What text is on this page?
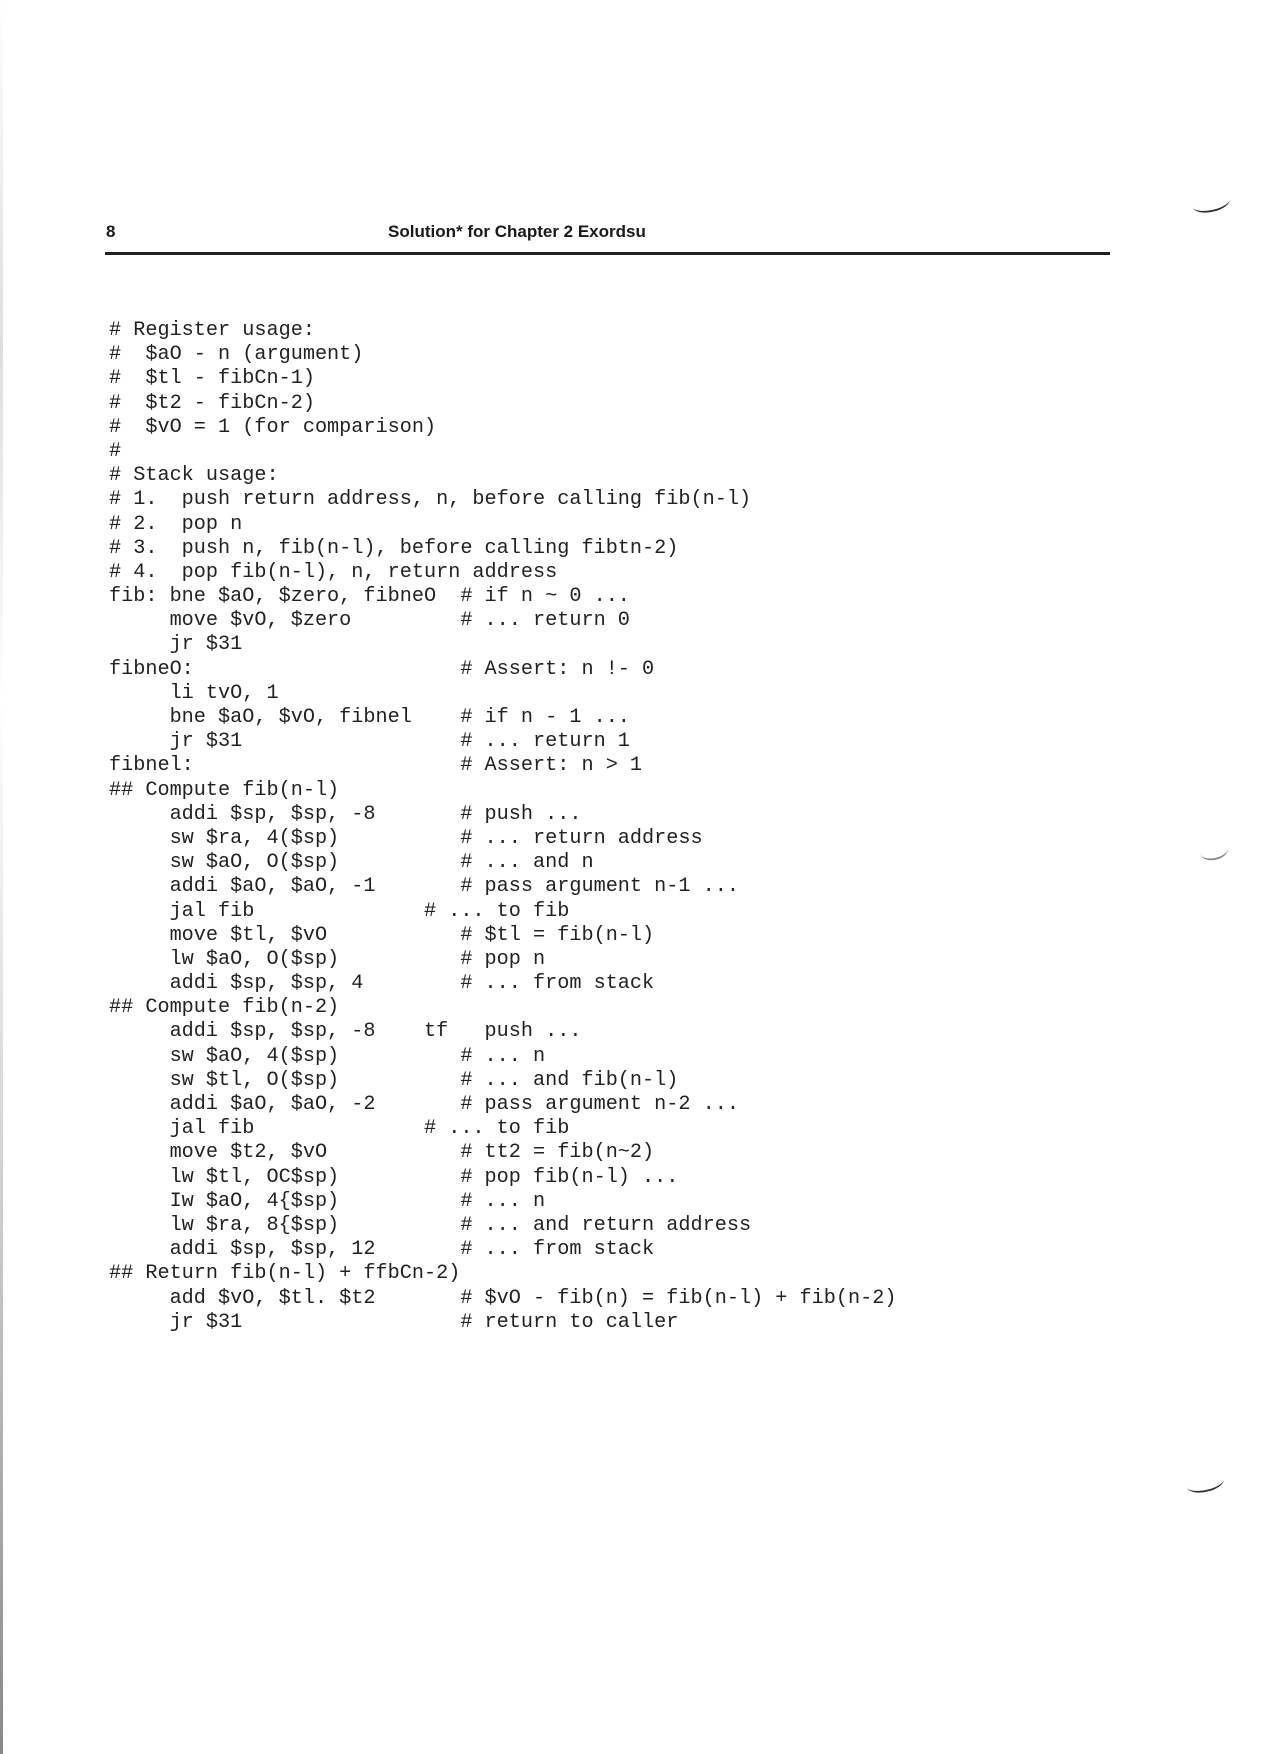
8	Solution* for Chapter 2 Exordsu
# Register usage:
#  $aO - n (argument)
#  $tl - fibCn-1)
#  $t2 - fibCn-2)
#  $vO = 1 (for comparison)
#
# Stack usage:
# 1.  push return address, n, before calling fib(n-l)
# 2.  pop n
# 3.  push n, fib(n-l), before calling fibtn-2)
# 4.  pop fib(n-l), n, return address
fib: bne $aO, $zero, fibneO  # if n ~ 0 ...
move $vO, $zero         # ... return 0
jr $31
fibneO:                      # Assert: n !- 0
li tvO, 1
bne $aO, $vO, fibnel    # if n - 1 ...
jr $31                  # ... return 1
fibnel:                      # Assert: n > 1
## Compute fib(n-l)
addi $sp, $sp, -8       # push ...
sw $ra, 4($sp)          # ... return address
sw $aO, O($sp)          # ... and n
addi $aO, $aO, -1       # pass argument n-1 ...
jal fib              # ... to fib
move $tl, $vO           # $tl = fib(n-l)
lw $aO, O($sp)          # pop n
addi $sp, $sp, 4        # ... from stack
## Compute fib(n-2)
addi $sp, $sp, -8    tf   push ...
sw $aO, 4($sp)          # ... n
sw $tl, O($sp)          # ... and fib(n-l)
addi $aO, $aO, -2       # pass argument n-2 ...
jal fib              # ... to fib
move $t2, $vO           # tt2 = fib(n~2)
lw $tl, OC$sp)          # pop fib(n-l) ...
Iw $aO, 4{$sp)          # ... n
lw $ra, 8{$sp)          # ... and return address
addi $sp, $sp, 12       # ... from stack
## Return fib(n-l) + ffbCn-2)
add $vO, $tl. $t2       # $vO - fib(n) = fib(n-l) + fib(n-2)
jr $31                  # return to caller
